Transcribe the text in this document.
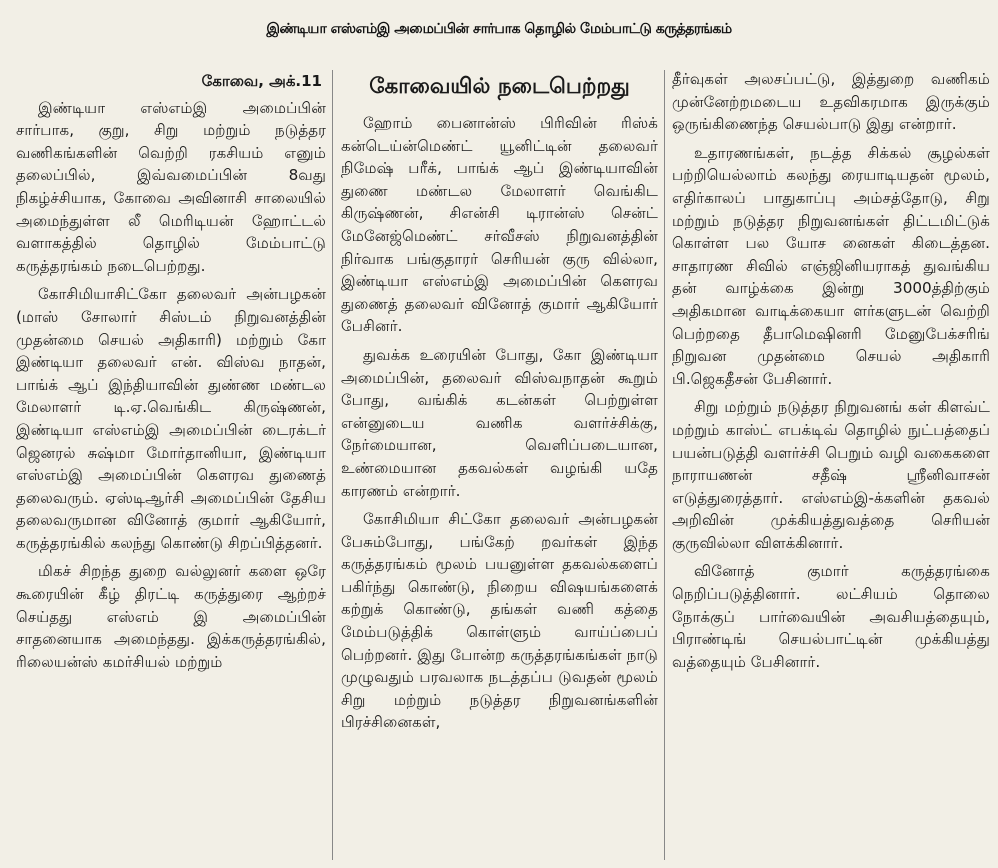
இண்டியா எஸ்எம்இ அமைப்பின் சார்பாக தொழில் மேம்பாட்டு கருத்தரங்கம்
கோவை, அக்.11

இண்டியா எஸ்எம்இ அமைப்பின் சார்பாக, குறு, சிறு மற்றும் நடுத்தர வணிகங்களின் வெற்றி ரகசியம் எனும் தலைப்பில், இவ்வமைப்பின் 8வது நிகழ்ச்சியாக, கோவை அவினாசி சாலையில் அமைந்துள்ள லீ மெரிடியன் ஹோட்டல் வளாகத்தில் தொழில் மேம்பாட்டு கருத்தரங்கம் நடைபெற்றது.

கோசிமியாசிட்கோ தலைவர் அன்பழகன் (மாஸ் சோலார் சிஸ்டம் நிறுவனத்தின் முதன்மை செயல் அதிகாரி) மற்றும் கோ இண்டியா தலைவர் என். விஸ்வ நாதன், பாங்க் ஆப் இந்தியாவின் துண்ண மண்டல மேலாளர் டி.ஏ.வெங்கிட கிருஷ்ணன், இண்டியா எஸ்எம்இ அமைப்பின் டைரக்டர் ஜெனரல் சுஷ்மா மோர்தானியா, இண்டியா எஸ்எம்இ அமைப்பின் கௌரவ துணைத் தலைவரும். ஏஸ்டிஆர்சி அமைப்பின் தேசிய தலைவருமான வினோத் குமார் ஆகியோர், கருத்தரங்கில் கலந்து கொண்டு சிறப்பித்தனர்.

மிகச் சிறந்த துறை வல்லுனர் களை ஒரே கூரையின் கீழ் திரட்டி கருத்துரை ஆற்றச் செய்தது எஸ்எம் இ அமைப்பின் சாதனையாக அமைந்தது. இக்கருத்தரங்கில், ரிலையன்ஸ் கமர்சியல் மற்றும்

கோவையில் நடைபெற்றது

ஹோம் பைனான்ஸ் பிரிவின் ரிஸ்க் கன்டெய்ன்மெண்ட் யூனிட்டின் தலைவர் நிமேஷ் பரீக், பாங்க் ஆப் இண்டியாவின் துணை மண்டல மேலாளர் வெங்கிட கிருஷ்ணன், சிஎன்சி டிரான்ஸ் சென்ட் மேனேஜ்மெண்ட் சர்வீசஸ் நிறுவனத்தின் நிர்வாக பங்குதாரர் செரியன் குரு வில்லா, இண்டியா எஸ்எம்இ அமைப்பின் கௌரவ துணைத் தலைவர் வினோத் குமார் ஆகியோர் பேசினர்.

துவக்க உரையின் போது, கோ இண்டியா அமைப்பின், தலைவர் விஸ்வநாதன் கூறும் போது, வங்கிக் கடன்கள் பெற்றுள்ள என்னுடைய வணிக வளர்ச்சிக்கு, நேர்மையான, வெளிப்படையான, உண்மையான தகவல்கள் வழங்கி யதே காரணம் என்றார்.

கோசிமியா சிட்கோ தலைவர் அன்பழகன் பேசும்போது, பங்கேற் றவர்கள் இந்த கருத்தரங்கம் மூலம் பயனுள்ள தகவல்களைப் பகிர்ந்து கொண்டு, நிறைய விஷயங்களைக் கற்றுக் கொண்டு, தங்கள் வணி கத்தை மேம்படுத்திக் கொள்ளும் வாய்ப்பைப் பெற்றனர். இது போன்ற கருத்தரங்கங்கள் நாடு முழுவதும் பரவலாக நடத்தப்ப டுவதன் மூலம் சிறு மற்றும் நடுத்தர நிறுவனங்களின் பிரச்சினைகள்,

தீர்வுகள் அலசப்பட்டு, இத்துறை வணிகம் முன்னேற்றமடைய உதவிகரமாக இருக்கும் ஒருங்கிணைந்த செயல்பாடு இது என்றார்.

உதாரணங்கள், நடத்த சிக்கல் சூழல்கள் பற்றியெல்லாம் கலந்து ரையாடியதன் மூலம், எதிர்காலப் பாதுகாப்பு அம்சத்தோடு, சிறு மற்றும் நடுத்தர நிறுவனங்கள் திட்டமிட்டுக் கொள்ள பல யோச னைகள் கிடைத்தன. சாதாரண சிவில் எஞ்ஜினியராகத் துவங்கிய தன் வாழ்க்கை இன்று 3000த்திற்கும் அதிகமான வாடிக்கையா ளர்களுடன் வெற்றி பெற்றதை தீபாமெஷினரி மேனுபேக்சரிங் நிறுவன முதன்மை செயல் அதிகாரி பி.ஜெகதீசன் பேசினார்.

சிறு மற்றும் நடுத்தர நிறுவனங் கள் கிளவ்ட் மற்றும் காஸ்ட் எபக்டிவ் தொழில் நுட்பத்தைப் பயன்படுத்தி வளர்ச்சி பெறும் வழி வகைகளை நாராயணன் சதீஷ் ஸ்ரீனிவாசன் எடுத்துரைத்தார். எஸ்எம்இ-க்களின் தகவல் அறிவின் முக்கியத்துவத்தை செரியன் குருவில்லா விளக்கினார்.

வினோத் குமார் கருத்தரங்கை நெறிப்படுத்தினார். லட்சியம் தொலை நோக்குப் பார்வையின் அவசியத்தையும், பிராண்டிங் செயல்பாட்டின் முக்கியத்து வத்தையும் பேசினார்.
